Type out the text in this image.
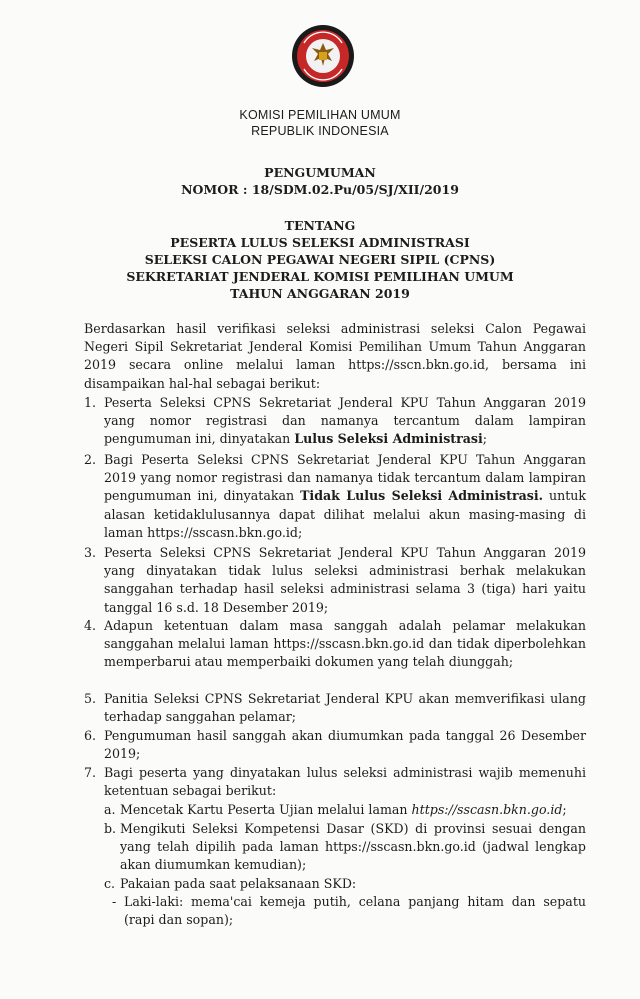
KOMISI PEMILIHAN UMUM
REPUBLIK INDONESIA
PENGUMUMAN
NOMOR : 18/SDM.02.Pu/05/SJ/XII/2019
TENTANG
PESERTA LULUS SELEKSI ADMINISTRASI
SELEKSI CALON PEGAWAI NEGERI SIPIL (CPNS)
SEKRETARIAT JENDERAL KOMISI PEMILIHAN UMUM
TAHUN ANGGARAN 2019
Berdasarkan hasil verifikasi seleksi administrasi seleksi Calon Pegawai Negeri Sipil Sekretariat Jenderal Komisi Pemilihan Umum Tahun Anggaran 2019 secara online melalui laman https://sscn.bkn.go.id, bersama ini disampaikan hal-hal sebagai berikut:
1. Peserta Seleksi CPNS Sekretariat Jenderal KPU Tahun Anggaran 2019 yang nomor registrasi dan namanya tercantum dalam lampiran pengumuman ini, dinyatakan Lulus Seleksi Administrasi;
2. Bagi Peserta Seleksi CPNS Sekretariat Jenderal KPU Tahun Anggaran 2019 yang nomor registrasi dan namanya tidak tercantum dalam lampiran pengumuman ini, dinyatakan Tidak Lulus Seleksi Administrasi. untuk alasan ketidaklulusannya dapat dilihat melalui akun masing-masing di laman https://sscasn.bkn.go.id;
3. Peserta Seleksi CPNS Sekretariat Jenderal KPU Tahun Anggaran 2019 yang dinyatakan tidak lulus seleksi administrasi berhak melakukan sanggahan terhadap hasil seleksi administrasi selama 3 (tiga) hari yaitu tanggal 16 s.d. 18 Desember 2019;
4. Adapun ketentuan dalam masa sanggah adalah pelamar melakukan sanggahan melalui laman https://sscasn.bkn.go.id dan tidak diperbolehkan memperbarui atau memperbaiki dokumen yang telah diunggah;
5. Panitia Seleksi CPNS Sekretariat Jenderal KPU akan memverifikasi ulang terhadap sanggahan pelamar;
6. Pengumuman hasil sanggah akan diumumkan pada tanggal 26 Desember 2019;
7. Bagi peserta yang dinyatakan lulus seleksi administrasi wajib memenuhi ketentuan sebagai berikut:
a. Mencetak Kartu Peserta Ujian melalui laman https://sscasn.bkn.go.id;
b. Mengikuti Seleksi Kompetensi Dasar (SKD) di provinsi sesuai dengan yang telah dipilih pada laman https://sscasn.bkn.go.id (jadwal lengkap akan diumumkan kemudian);
c. Pakaian pada saat pelaksanaan SKD:
- Laki-laki: mema'cai kemeja putih, celana panjang hitam dan sepatu (rapi dan sopan);
